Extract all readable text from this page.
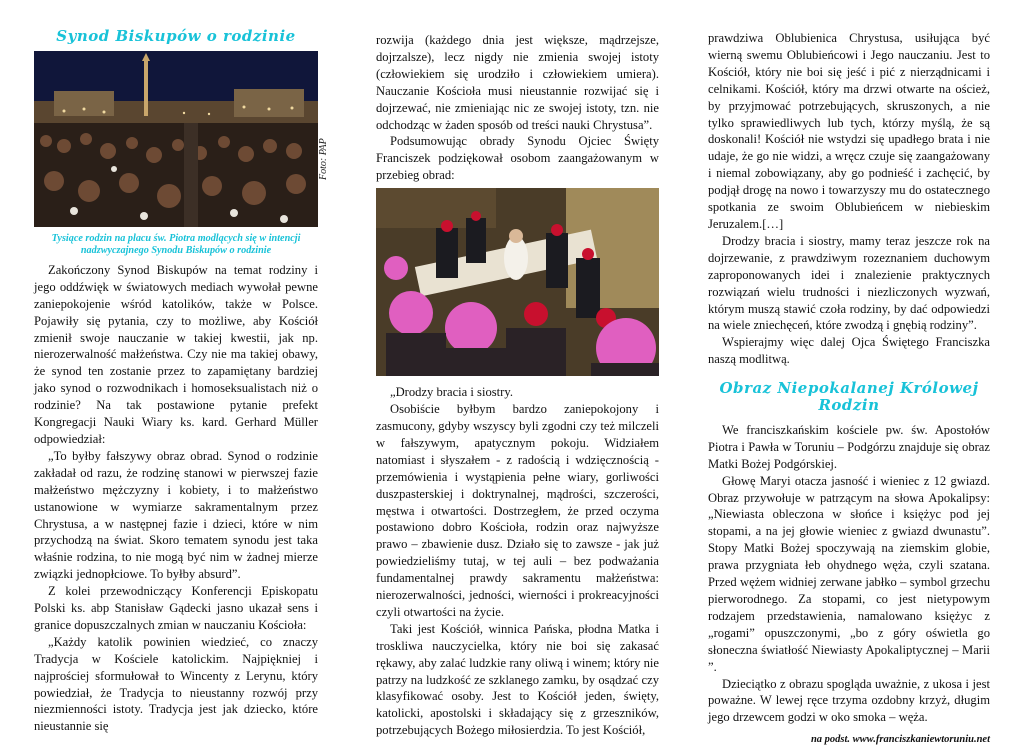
Synod Biskupów o rodzinie
Tysiące rodzin na placu św. Piotra modlących się w intencji nadzwyczajnego Synodu Biskupów o rodzinie

Zakończony Synod Biskupów na temat rodziny i jego oddźwięk w światowych mediach wywołał pewne zaniepokojenie wśród katolików, także w Polsce. Pojawiły się pytania, czy to możliwe, aby Kościół zmienił swoje nauczanie w takiej kwestii, jak np. nierozerwalność małżeństwa. Czy nie ma takiej obawy, że synod ten zostanie przez to zapamiętany bardziej jako synod o rozwodnikach i homoseksualistach niż o rodzinie? Na tak postawione pytanie prefekt Kongregacji Nauki Wiary ks. kard. Gerhard Müller odpowiedział:

„To byłby fałszywy obraz obrad. Synod o rodzinie zakładał od razu, że rodzinę stanowi w pierwszej fazie małżeństwo mężczyzny i kobiety, i to małżeństwo ustanowione w wymiarze sakramentalnym przez Chrystusa, a w następnej fazie i dzieci, które w nim przychodzą na świat. Skoro tematem synodu jest taka właśnie rodzina, to nie mogą być nim w żadnej mierze związki jednopłciowe. To byłby absurd”.

Z kolei przewodniczący Konferencji Episkopatu Polski ks. abp Stanisław Gądecki jasno ukazał sens i granice dopuszczalnych zmian w nauczaniu Kościoła:

„Każdy katolik powinien wiedzieć, co znaczy Tradycja w Kościele katolickim. Najpiękniej i najprościej sformułował to Wincenty z Lerynu, który powiedział, że Tradycja to nieustanny rozwój przy niezmienności istoty. Tradycja jest jak dziecko, które nieustannie się

Foto: PAP

rozwija (każdego dnia jest większe, mądrzejsze, dojrzalsze), lecz nigdy nie zmienia swojej istoty (człowiekiem się urodziło i człowiekiem umiera). Nauczanie Kościoła musi nieustannie rozwijać się i dojrzewać, nie zmieniając nic ze swojej istoty, tzn. nie odchodząc w żaden sposób od treści nauki Chrystusa”.

Podsumowując obrady Synodu Ojciec Święty Franciszek podziękował osobom zaangażowanym w przebieg obrad:

„Drodzy bracia i siostry.

Osobiście byłbym bardzo zaniepokojony i zasmucony, gdyby wszyscy byli zgodni czy też milczeli w fałszywym, apatycznym pokoju. Widziałem natomiast i słyszałem - z radością i wdzięcznością - przemówienia i wystąpienia pełne wiary, gorliwości duszpasterskiej i doktrynalnej, mądrości, szczerości, męstwa i otwartości. Dostrzegłem, że przed oczyma postawiono dobro Kościoła, rodzin oraz najwyższe prawo – zbawienie dusz. Działo się to zawsze - jak już powiedzieliśmy tutaj, w tej auli – bez podważania fundamentalnej prawdy sakramentu małżeństwa: nierozerwalności, jedności, wierności i prokreacyjności czyli otwartości na życie.

Taki jest Kościół, winnica Pańska, płodna Matka i troskliwa nauczycielka, który nie boi się zakasać rękawy, aby zalać ludzkie rany oliwą i winem; który nie patrzy na ludzkość ze szklanego zamku, by osądzać czy klasyfikować osoby. Jest to Kościół jeden, święty, katolicki, apostolski i składający się z grzeszników, potrzebujących Bożego miłosierdzia. To jest Kościół,

prawdziwa Oblubienica Chrystusa, usiłująca być wierną swemu Oblubieńcowi i Jego nauczaniu. Jest to Kościół, który nie boi się jeść i pić z nierządnicami i celnikami. Kościół, który ma drzwi otwarte na oścież, by przyjmować potrzebujących, skruszonych, a nie tylko sprawiedliwych lub tych, którzy myślą, że są doskonali! Kościół nie wstydzi się upadłego brata i nie udaje, że go nie widzi, a wręcz czuje się zaangażowany i niemal zobowiązany, aby go podnieść i zachęcić, by podjął drogę na nowo i towarzyszy mu do ostatecznego spotkania ze swoim Oblubieńcem w niebieskim Jeruzalem.[…]

Drodzy bracia i siostry, mamy teraz jeszcze rok na dojrzewanie, z prawdziwym rozeznaniem duchowym zaproponowanych idei i znalezienie praktycznych rozwiązań wielu trudności i niezliczonych wyzwań, którym muszą stawić czoła rodziny, by dać odpowiedzi na wiele zniechęceń, które zwodzą i gnębią rodziny”.

Wspierajmy więc dalej Ojca Świętego Franciszka naszą modlitwą.

Obraz Niepokalanej Królowej Rodzin

We franciszkańskim kościele pw. św. Apostołów Piotra i Pawła w Toruniu – Podgórzu znajduje się obraz Matki Bożej Podgórskiej.

Głowę Maryi otacza jasność i wieniec z 12 gwiazd. Obraz przywołuje w patrzącym na słowa Apokalipsy: „Niewiasta obleczona w słońce i księżyc pod jej stopami, a na jej głowie wieniec z gwiazd dwunastu”. Stopy Matki Bożej spoczywają na ziemskim globie, prawa przygniata łeb ohydnego węża, czyli szatana. Przed wężem widniej zerwane jabłko – symbol grzechu pierworodnego. Za stopami, co jest nietypowym rodzajem przedstawienia, namalowano księżyc z „rogami” opuszczonymi, „bo z góry oświetla go słoneczna światłość Niewiasty Apokaliptycznej – Marii ”.

Dzieciątko z obrazu spogląda uważnie, z ukosa i jest poważne. W lewej ręce trzyma ozdobny krzyż, długim jego drzewcem godzi w oko smoka – węża.

na podst. www.franciszkaniewtoruniu.net
